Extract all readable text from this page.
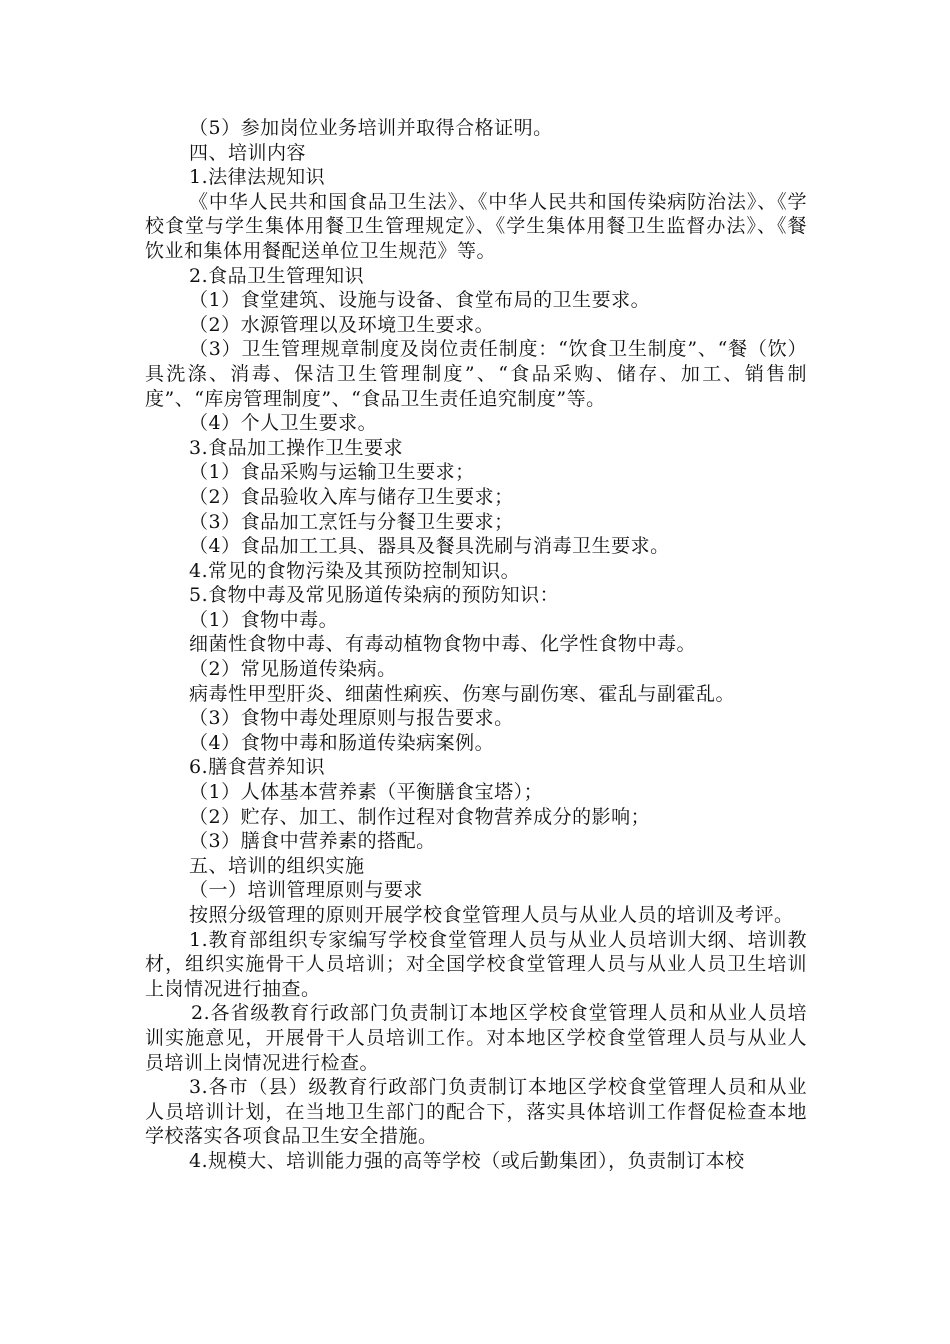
（5）参加岗位业务培训并取得合格证明。
四、培训内容
1.法律法规知识
《中华人民共和国食品卫生法》、《中华人民共和国传染病防治法》、《学校食堂与学生集体用餐卫生管理规定》、《学生集体用餐卫生监督办法》、《餐饮业和集体用餐配送单位卫生规范》等。
2.食品卫生管理知识
（1）食堂建筑、设施与设备、食堂布局的卫生要求。
（2）水源管理以及环境卫生要求。
（3）卫生管理规章制度及岗位责任制度：“饮食卫生制度”、“餐（饮）具洗涤、消毒、保洁卫生管理制度”、“食品采购、储存、加工、销售制度”、“库房管理制度”、“食品卫生责任追究制度”等。
（4）个人卫生要求。
3.食品加工操作卫生要求
（1）食品采购与运输卫生要求；
（2）食品验收入库与储存卫生要求；
（3）食品加工烹饪与分餐卫生要求；
（4）食品加工工具、器具及餐具洗刷与消毒卫生要求。
4.常见的食物污染及其预防控制知识。
5.食物中毒及常见肠道传染病的预防知识：
（1）食物中毒。
细菌性食物中毒、有毒动植物食物中毒、化学性食物中毒。
（2）常见肠道传染病。
病毒性甲型肝炎、细菌性痢疾、伤寒与副伤寒、霍乱与副霍乱。
（3）食物中毒处理原则与报告要求。
（4）食物中毒和肠道传染病案例。
6.膳食营养知识
（1）人体基本营养素（平衡膳食宝塔）；
（2）贮存、加工、制作过程对食物营养成分的影响；
（3）膳食中营养素的搭配。
五、培训的组织实施
（一）培训管理原则与要求
按照分级管理的原则开展学校食堂管理人员与从业人员的培训及考评。
1.教育部组织专家编写学校食堂管理人员与从业人员培训大纲、培训教材，组织实施骨干人员培训；对全国学校食堂管理人员与从业人员卫生培训上岗情况进行抽查。
2.各省级教育行政部门负责制订本地区学校食堂管理人员和从业人员培训实施意见，开展骨干人员培训工作。对本地区学校食堂管理人员与从业人员培训上岗情况进行检查。
3.各市（县）级教育行政部门负责制订本地区学校食堂管理人员和从业人员培训计划，在当地卫生部门的配合下，落实具体培训工作督促检查本地学校落实各项食品卫生安全措施。
4.规模大、培训能力强的高等学校（或后勤集团），负责制订本校
